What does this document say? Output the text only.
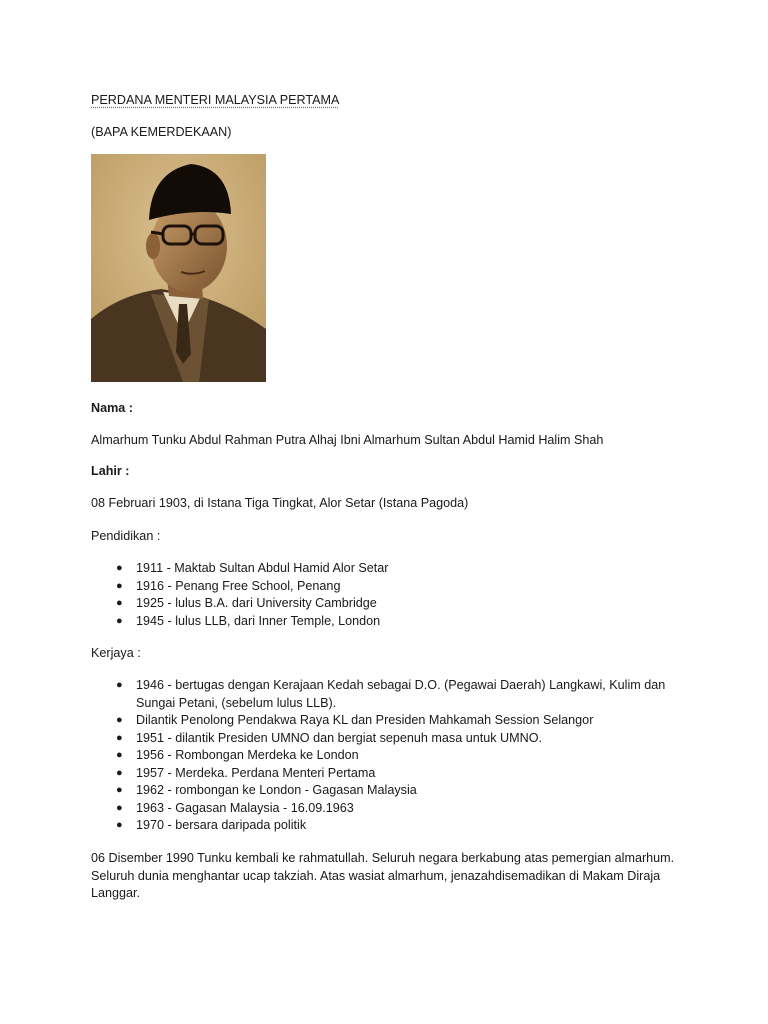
PERDANA MENTERI MALAYSIA PERTAMA
(BAPA KEMERDEKAAN)
Nama :
Almarhum Tunku Abdul Rahman Putra Alhaj Ibni Almarhum Sultan Abdul Hamid Halim Shah
Lahir :
08 Februari 1903, di Istana Tiga Tingkat, Alor Setar (Istana Pagoda)
Pendidikan :
● 1911 - Maktab Sultan Abdul Hamid Alor Setar
● 1916 - Penang Free School, Penang
● 1925 - lulus B.A. dari University Cambridge
● 1945 - lulus LLB, dari Inner Temple, London
Kerjaya :
● 1946 - bertugas dengan Kerajaan Kedah sebagai D.O. (Pegawai Daerah) Langkawi, Kulim dan Sungai Petani, (sebelum lulus LLB).
● Dilantik Penolong Pendakwa Raya KL dan Presiden Mahkamah Session Selangor
● 1951 - dilantik Presiden UMNO dan bergiat sepenuh masa untuk UMNO.
● 1956 - Rombongan Merdeka ke London
● 1957 - Merdeka. Perdana Menteri Pertama
● 1962 - rombongan ke London - Gagasan Malaysia
● 1963 - Gagasan Malaysia - 16.09.1963
● 1970 - bersara daripada politik
06 Disember 1990 Tunku kembali ke rahmatullah. Seluruh negara berkabung atas pemergian almarhum. Seluruh dunia menghantar ucap takziah. Atas wasiat almarhum, jenazahdisemadikan di Makam Diraja Langgar.
